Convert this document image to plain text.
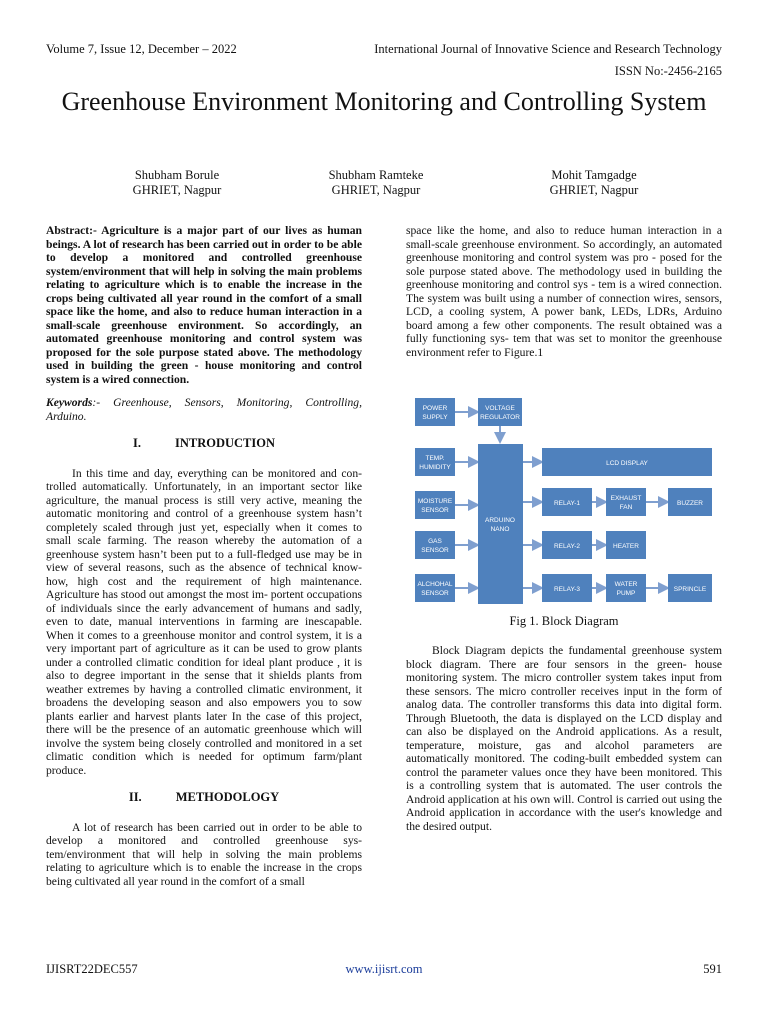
Volume 7, Issue 12, December – 2022	International Journal of Innovative Science and Research Technology
ISSN No:-2456-2165
Greenhouse Environment Monitoring and Controlling System
Shubham Borule
GHRIET, Nagpur
Shubham Ramteke
GHRIET, Nagpur
Mohit Tamgadge
GHRIET, Nagpur

Abstract:- Agriculture is a major part of our lives as human beings. A lot of research has been carried out in order to be able to develop a monitored and controlled greenhouse system/environment that will help in solving the main problems relating to agriculture which is to enable the increase in the crops being cultivated all year round in the comfort of a small space like the home, and also to reduce human interaction in a small-scale greenhouse environment. So accordingly, an automated greenhouse monitoring and control system was proposed for the sole purpose stated above. The methodology used in building the green - house monitoring and control system is a wired connection.

Keywords:- Greenhouse, Sensors, Monitoring, Controlling, Arduino.

I.	INTRODUCTION

In this time and day, everything can be monitored and con- trolled automatically. Unfortunately, in an important sector like agriculture, the manual process is still very active, meaning the automatic monitoring and control of a greenhouse system hasn’t completely scaled through just yet, especially when it comes to small scale farming. The reason whereby the automation of a greenhouse system hasn’t been put to a full-fledged use may be in view of several reasons, such as the absence of technical know-how, high cost and the requirement of high maintenance. Agriculture has stood out amongst the most im- portent occupations of individuals since the early advancement of humans and sadly, even to date, manual interventions in farming are inescapable. When it comes to a greenhouse monitor and control system, it is a very important part of agriculture as it can be used to grow plants under a controlled climatic condition for ideal plant produce , it is also to degree important in the sense that it shields plants from weather extremes by having a controlled climatic environment, it broadens the developing season and also empowers you to sow plants earlier and harvest plants later In the case of this project, there will be the presence of an automatic greenhouse which will involve the system being closely controlled and monitored in a set climatic condition which is needed for optimum farm/plant produce.

II.	METHODOLOGY

A lot of research has been carried out in order to be able to develop a monitored and controlled greenhouse sys- tem/environment that will help in solving the main problems relating to agriculture which is to enable the increase in the crops being cultivated all year round in the comfort of a small

space like the home, and also to reduce human interaction in a small-scale greenhouse environment. So accordingly, an automated greenhouse monitoring and control system was pro - posed for the sole purpose stated above. The methodology used in building the greenhouse monitoring and control sys - tem is a wired connection. The system was built using a number of connection wires, sensors, LCD, a cooling system, A power bank, LEDs, LDRs, Arduino board among a few other components. The result obtained was a fully functioning sys- tem that was set to monitor the greenhouse environment refer to Figure.1

POWER
SUPPLY
VOLTAGE
REGULATOR
TEMP.
HUMIDITY
MOISTURE
SENSOR
GAS
SENSOR
ALCHOHAL
SENSOR
ARDUINO
NANO
LCD DISPLAY
RELAY-1
RELAY-2
RELAY-3
EXHAUST
FAN
HEATER
WATER
PUMP
BUZZER
SPRINCLE
Fig 1. Block Diagram

Block Diagram depicts the fundamental greenhouse system block diagram. There are four sensors in the green- house monitoring system. The micro controller system takes input from these sensors. The micro controller receives input in the form of analog data. The controller transforms this data into digital form. Through Bluetooth, the data is displayed on the LCD display and can also be displayed on the Android applications. As a result, temperature, moisture, gas and alcohol parameters are automatically monitored. The coding-built embedded system can control the parameter values once they have been monitored. This is a controlling system that is automated. The user controls the Android application at his own will. Control is carried out using the Android application in accordance with the user's knowledge and the desired output.

IJISRT22DEC557	www.ijisrt.com	591
